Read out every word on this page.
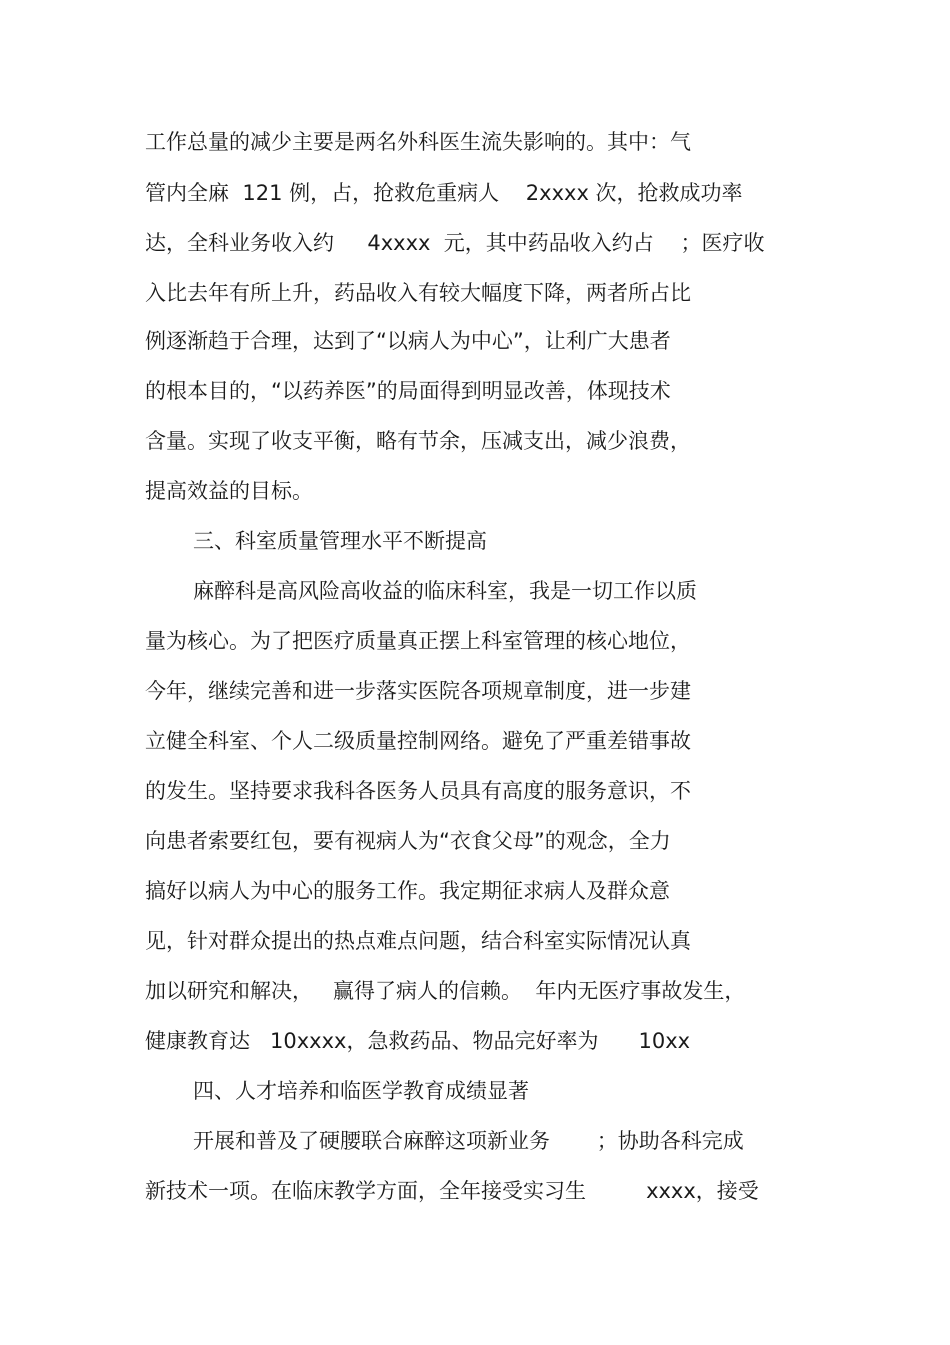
工作总量的减少主要是两名外科医生流失影响的。其中：气

管内全麻  121 例，占，抢救危重病人    2xxxx 次，抢救成功率

达，全科业务收入约     4xxxx  元，其中药品收入约占    ；医疗收

入比去年有所上升，药品收入有较大幅度下降，两者所占比

例逐渐趋于合理，达到了“以病人为中心”，让利广大患者

的根本目的，“以药养医”的局面得到明显改善，体现技术

含量。实现了收支平衡，略有节余，压减支出，减少浪费，

提高效益的目标。

三、科室质量管理水平不断提高

麻醉科是高风险高收益的临床科室，我是一切工作以质

量为核心。为了把医疗质量真正摆上科室管理的核心地位，

今年，继续完善和进一步落实医院各项规章制度，进一步建

立健全科室、个人二级质量控制网络。避免了严重差错事故

的发生。坚持要求我科各医务人员具有高度的服务意识，不

向患者索要红包，要有视病人为“衣食父母”的观念，全力

搞好以病人为中心的服务工作。我定期征求病人及群众意

见，针对群众提出的热点难点问题，结合科室实际情况认真

加以研究和解决，   赢得了病人的信赖。  年内无医疗事故发生，

健康教育达   10xxxx，急救药品、物品完好率为      10xx

四、人才培养和临医学教育成绩显著

开展和普及了硬腰联合麻醉这项新业务       ；协助各科完成

新技术一项。在临床教学方面，全年接受实习生         xxxx，接受
